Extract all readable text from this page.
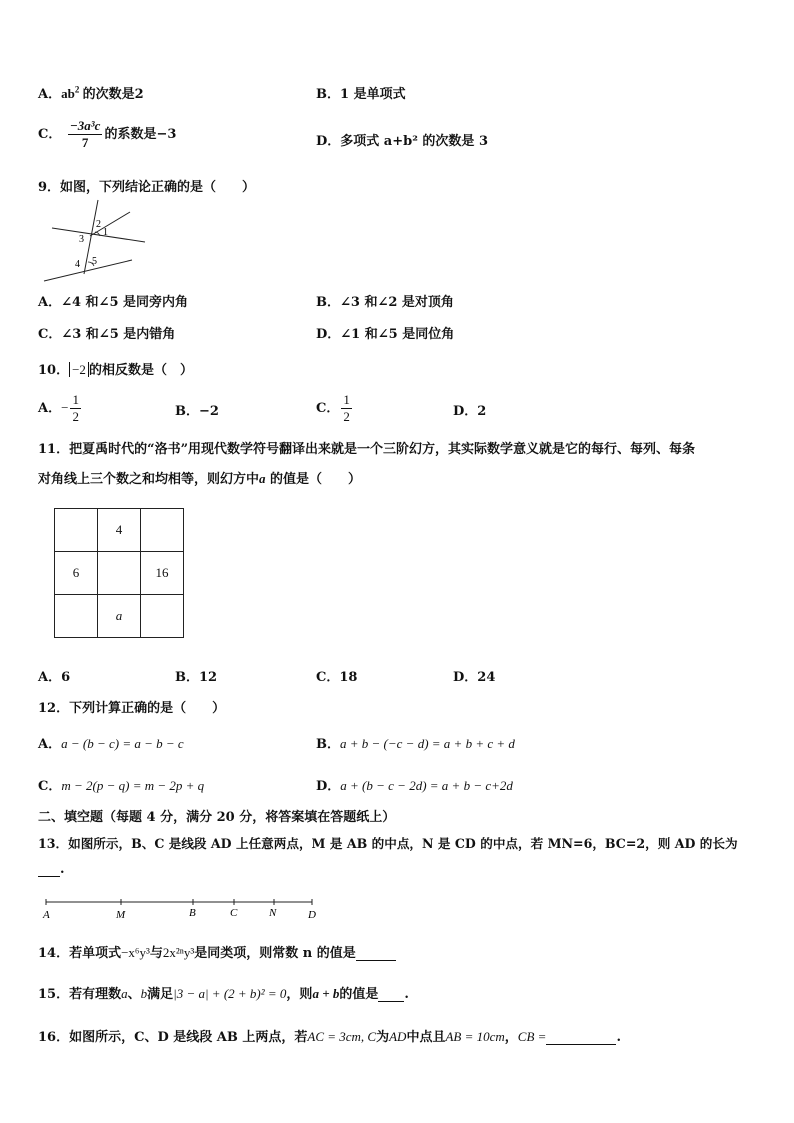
A．$ab^2$ 的次数是2	B．1 是单项式
C． $\frac{\text{−3a³c}}{7}$ 的系数是−3	D．多项式 a+b² 的次数是 3
9．如图，下列结论正确的是（　　）
2
1
3
4 5
A．∠4 和∠5 是同旁内角	B．∠3 和∠2 是对顶角
C．∠3 和∠5 是内错角	D．∠1 和∠5 是同位角
10． −2 的相反数是（　）
A．− $\frac{1}{2}$	B．−2	C． $\frac{1}{2}$	D．2
11．把夏禹时代的“洛书”用现代数学符号翻译出来就是一个三阶幻方，其实际数学意义就是它的每行、每列、每条
对角线上三个数之和均相等，则幻方中a 的值是（　　）
	4	
6		16
	a	
A．6	B．12	C．18	D．24
12．下列计算正确的是（　　）
A．a − (b − c) = a − b − c	B．a + b − (−c − d) = a + b + c + d
C．m − 2(p − q) = m − 2p + q	D．a + (b − c − 2d) = a + b − c+2d
二、填空题（每题 4 分，满分 20 分，将答案填在答题纸上）
13．如图所示，B、C 是线段 AD 上任意两点，M 是 AB 的中点，N 是 CD 的中点，若 MN=6，BC=2，则 AD 的长为
.
A	M	B	C	N	D
14．若单项式−x⁶y³与2x²ⁿy³是同类项，则常数 n 的值是
15．若有理数a、b满足|3 − a| + (2 + b)² = 0，则a + b的值是 .
16．如图所示，C、D 是线段 AB 上两点，若AC = 3cm, C为AD中点且AB = 10cm，CB =	.
